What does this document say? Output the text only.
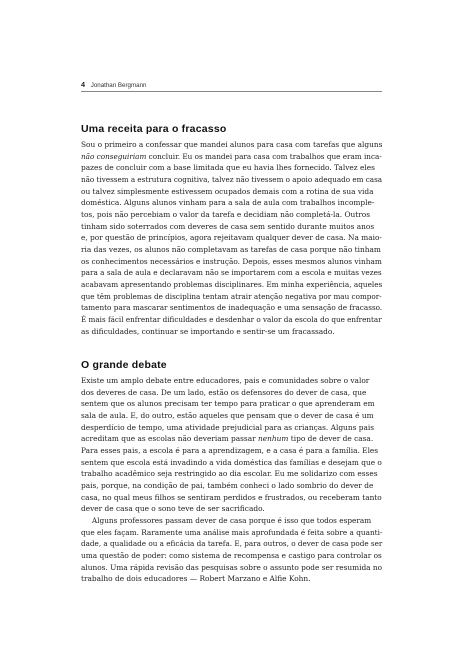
4 Jonathan Bergmann
Uma receita para o fracasso
Sou o primeiro a confessar que mandei alunos para casa com tarefas que alguns
não conseguiriam concluir. Eu os mandei para casa com trabalhos que eram inca-
pazes de concluir com a base limitada que eu havia lhes fornecido. Talvez eles
não tivessem a estrutura cognitiva, talvez não tivessem o apoio adequado em casa
ou talvez simplesmente estivessem ocupados demais com a rotina de sua vida
doméstica. Alguns alunos vinham para a sala de aula com trabalhos incomple-
tos, pois não percebiam o valor da tarefa e decidiam não completá-la. Outros
tinham sido soterrados com deveres de casa sem sentido durante muitos anos
e, por questão de princípios, agora rejeitavam qualquer dever de casa. Na maio-
ria das vezes, os alunos não completavam as tarefas de casa porque não tinham
os conhecimentos necessários e instrução. Depois, esses mesmos alunos vinham
para a sala de aula e declaravam não se importarem com a escola e muitas vezes
acabavam apresentando problemas disciplinares. Em minha experiência, aqueles
que têm problemas de disciplina tentam atrair atenção negativa por mau compor-
tamento para mascarar sentimentos de inadequação e uma sensação de fracasso.
É mais fácil enfrentar dificuldades e desdenhar o valor da escola do que enfrentar
as dificuldades, continuar se importando e sentir-se um fracassado.
O grande debate
Existe um amplo debate entre educadores, pais e comunidades sobre o valor
dos deveres de casa. De um lado, estão os defensores do dever de casa, que
sentem que os alunos precisam ter tempo para praticar o que aprenderam em
sala de aula. E, do outro, estão aqueles que pensam que o dever de casa é um
desperdício de tempo, uma atividade prejudicial para as crianças. Alguns pais
acreditam que as escolas não deveriam passar nenhum tipo de dever de casa.
Para esses pais, a escola é para a aprendizagem, e a casa é para a família. Eles
sentem que escola está invadindo a vida doméstica das famílias e desejam que o
trabalho acadêmico seja restringido ao dia escolar. Eu me solidarizo com esses
pais, porque, na condição de pai, também conheci o lado sombrio do dever de
casa, no qual meus filhos se sentiram perdidos e frustrados, ou receberam tanto
dever de casa que o sono teve de ser sacrificado.
Alguns professores passam dever de casa porque é isso que todos esperam
que eles façam. Raramente uma análise mais aprofundada é feita sobre a quanti-
dade, a qualidade ou a eficácia da tarefa. E, para outros, o dever de casa pode ser
uma questão de poder: como sistema de recompensa e castigo para controlar os
alunos. Uma rápida revisão das pesquisas sobre o assunto pode ser resumida no
trabalho de dois educadores — Robert Marzano e Alfie Kohn.
